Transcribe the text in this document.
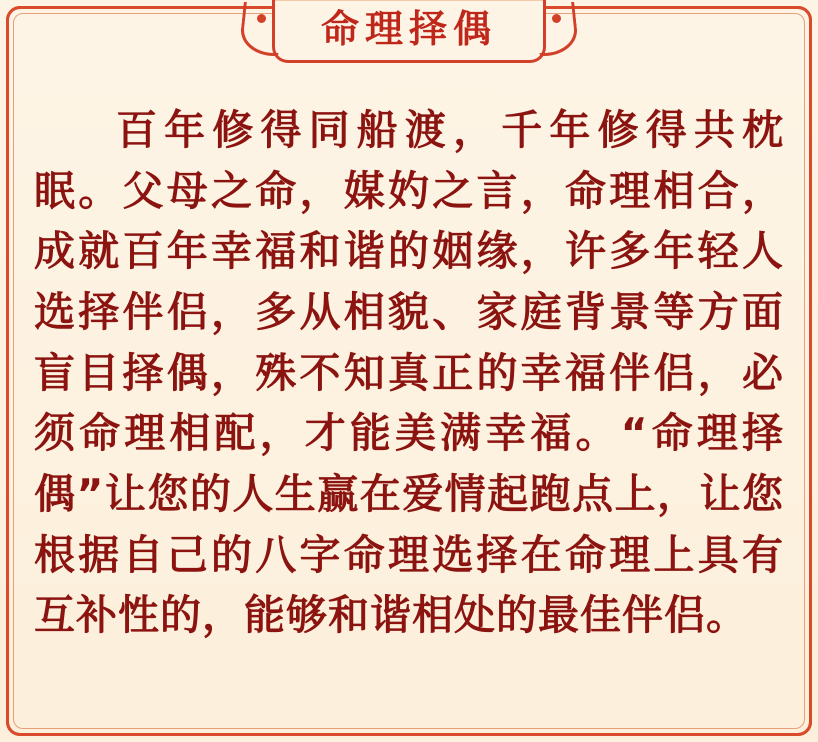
命理择偶

百年修得同船渡，千年修得共枕眠。父母之命，媒妁之言，命理相合，成就百年幸福和谐的姻缘，许多年轻人选择伴侣，多从相貌、家庭背景等方面盲目择偶，殊不知真正的幸福伴侣，必须命理相配，才能美满幸福。“命理择偶”让您的人生赢在爱情起跑点上，让您根据自己的八字命理选择在命理上具有互补性的，能够和谐相处的最佳伴侣。
